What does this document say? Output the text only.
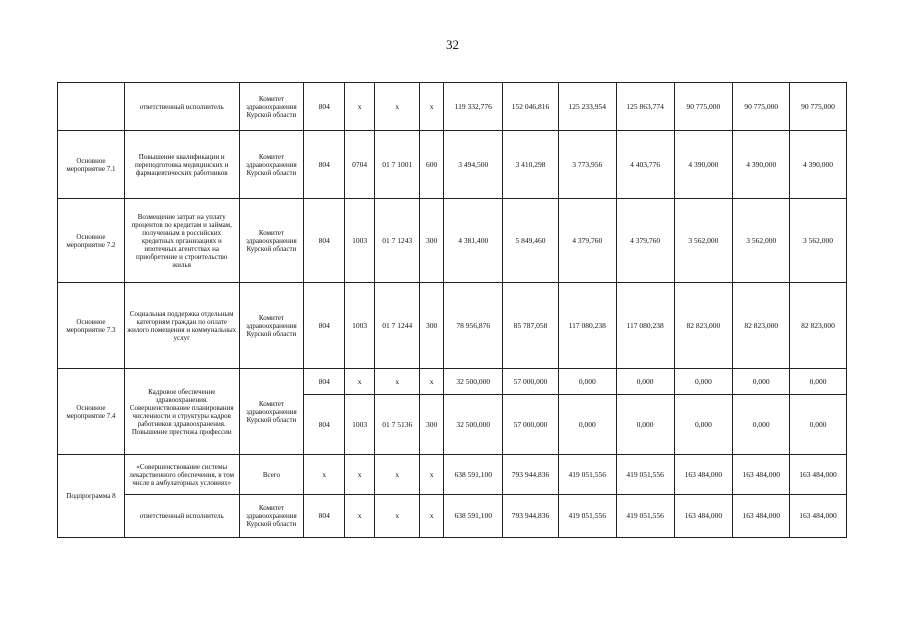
32
	ответственный исполнитель	Комитет здравоохранения Курской области	804	x	x	x	119 332,776	152 046,816	125 233,954	125 863,774	90 775,000	90 775,000	90 775,000
Основное мероприятие 7.1	Повышение квалификации и переподготовка медицинских и фармацевтических работников	Комитет здравоохранения Курской области	804	0704	01 7 1001	600	3 494,500	3 410,298	3 773,956	4 403,776	4 390,000	4 390,000	4 390,000
Основное мероприятие 7.2	Возмещение затрат на уплату процентов по кредитам и займам, полученным в российских кредитных организациях и ипотечных агентствах на приобретение и строительство жилья	Комитет здравоохранения Курской области	804	1003	01 7 1243	300	4 381,400	5 849,460	4 379,760	4 379,760	3 562,000	3 562,000	3 562,000
Основное мероприятие 7.3	Социальная поддержка отдельным категориям граждан по оплате жилого помещения и коммунальных услуг	Комитет здравоохранения Курской области	804	1003	01 7 1244	300	78 956,876	85 787,058	117 080,238	117 080,238	82 823,000	82 823,000	82 823,000
Основное мероприятие 7.4	Кадровое обеспечение здравоохранения. Совершенствование планирования численности и структуры кадров работников здравоохранения. Повышение престижа профессии	Комитет здравоохранения Курской области	804	x	x	x	32 500,000	57 000,000	0,000	0,000	0,000	0,000	0,000
			804	1003	01 7 5136	300	32 500,000	57 000,000	0,000	0,000	0,000	0,000	0,000
Подпрограмма 8	«Совершенствование системы лекарственного обеспечения, в том числе в амбулаторных условиях»	Всего	x	x	x	x	638 591,100	793 944,836	419 051,556	419 051,556	163 484,000	163 484,000	163 484,000
	ответственный исполнитель	Комитет здравоохранения Курской области	804	x	x	x	638 591,100	793 944,836	419 051,556	419 051,556	163 484,000	163 484,000	163 484,000
